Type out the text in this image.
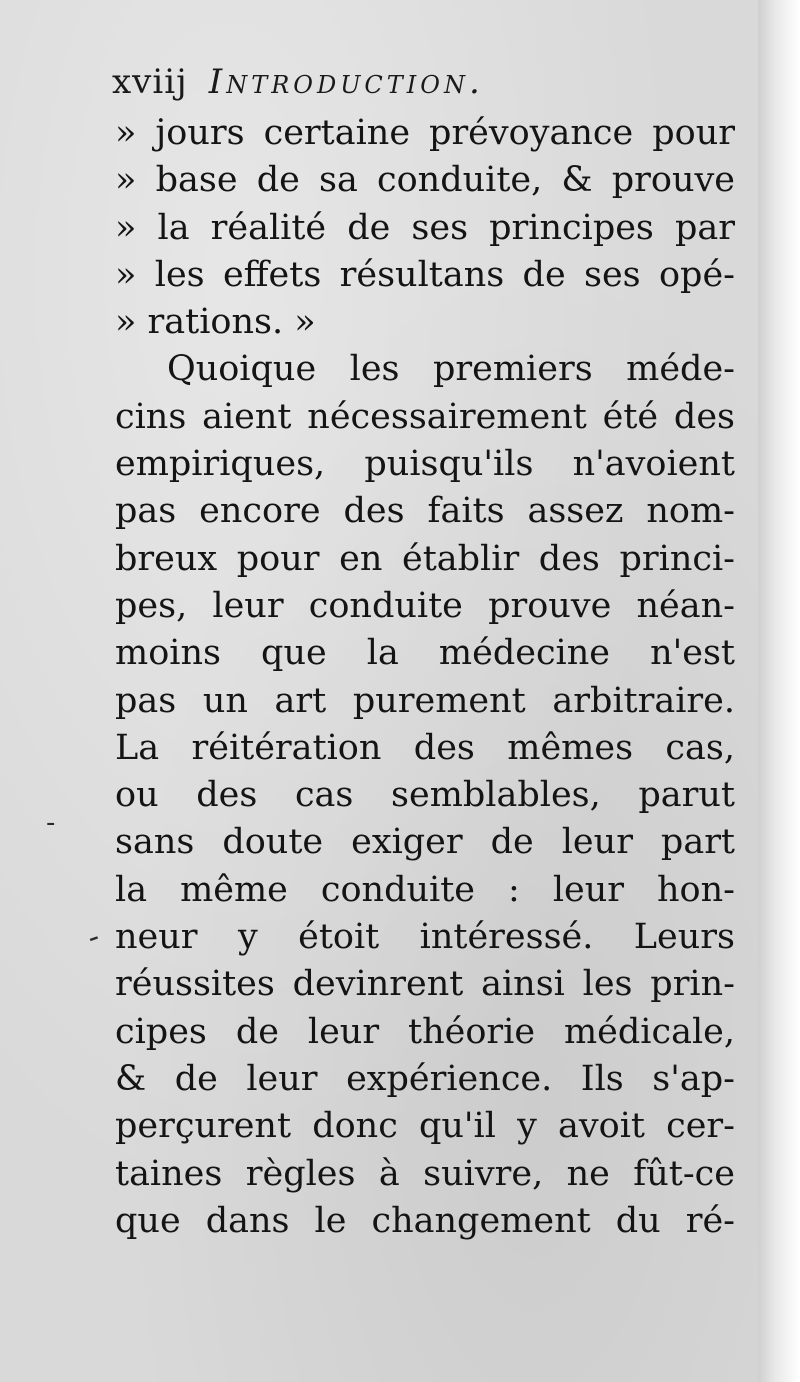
xviij Introduction.
» jours certaine prévoyance pour
» base de sa conduite, & prouve
» la réalité de ses principes par
» les effets résultans de ses opé-
» rations. »
Quoique les premiers méde-
cins aient nécessairement été des
empiriques, puisqu'ils n'avoient
pas encore des faits assez nom-
breux pour en établir des princi-
pes, leur conduite prouve néan-
moins que la médecine n'est
pas un art purement arbitraire.
La réitération des mêmes cas,
ou des cas semblables, parut
sans doute exiger de leur part
la même conduite : leur hon-
neur y étoit intéressé. Leurs
réussites devinrent ainsi les prin-
cipes de leur théorie médicale,
& de leur expérience. Ils s'ap-
perçurent donc qu'il y avoit cer-
taines règles à suivre, ne fût-ce
que dans le changement du ré-
-
-
